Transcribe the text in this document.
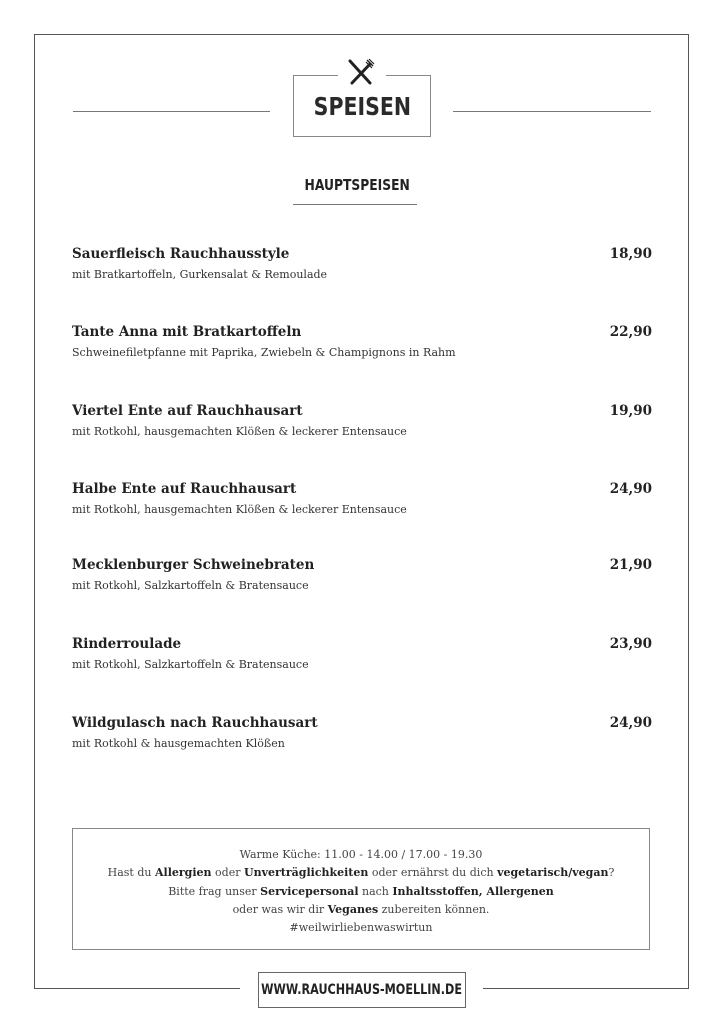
SPEISEN
HAUPTSPEISEN
Sauerfleisch Rauchhausstyle	18,90
mit Bratkartoffeln, Gurkensalat & Remoulade
Tante Anna mit Bratkartoffeln	22,90
Schweinefiletpfanne mit Paprika, Zwiebeln & Champignons in Rahm
Viertel Ente auf Rauchhausart	19,90
mit Rotkohl, hausgemachten Klößen & leckerer Entensauce
Halbe Ente auf Rauchhausart	24,90
mit Rotkohl, hausgemachten Klößen & leckerer Entensauce
Mecklenburger Schweinebraten	21,90
mit Rotkohl, Salzkartoffeln & Bratensauce
Rinderroulade	23,90
mit Rotkohl, Salzkartoffeln & Bratensauce
Wildgulasch nach Rauchhausart	24,90
mit Rotkohl & hausgemachten Klößen
Warme Küche: 11.00 - 14.00 / 17.00 - 19.30
Hast du Allergien oder Unverträglichkeiten oder ernährst du dich vegetarisch/vegan?
Bitte frag unser Servicepersonal nach Inhaltsstoffen, Allergenen
oder was wir dir Veganes zubereiten können.
#weilwirliebenwaswirtun
WWW.RAUCHHAUS-MOELLIN.DE
